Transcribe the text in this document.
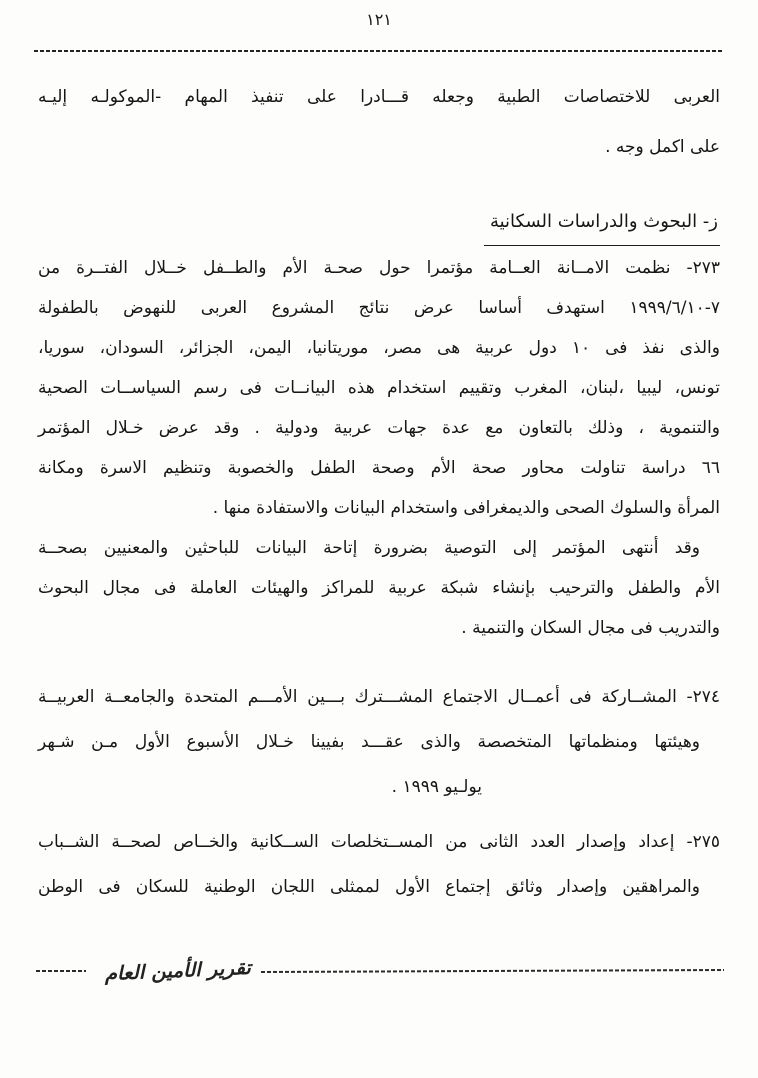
١٢١
العربى للاختصاصات الطبية وجعله قـــادرا على تنفيذ المهام -الموكولـه إليـه
على اكمل وجه .
ز- البحوث والدراسات السكانية
٢٧٣- نظمت الامــانة العــامة مؤتمرا حول صحـة الأم والطــفل خــلال الفتــرة من
٧-١٩٩٩/٦/١٠ استهدف أساسا عرض نتائج المشروع العربى للنهوض بالطفولة
والذى نفذ فى ١٠ دول عربية هى مصر، موريتانيا، اليمن، الجزائر، السودان، سوريا،
تونس، ليبيا ،لبنان، المغرب وتقييم استخدام هذه البيانــات فى رسم السياســات الصحية
والتنموية ، وذلك بالتعاون مع عدة جهات عربية ودولية . وقد عرض خـلال المؤتمر
٦٦ دراسة تناولت محاور صحة الأم وصحة الطفل والخصوبة وتنظيم الاسرة ومكانة
المرأة والسلوك الصحى والديمغرافى واستخدام البيانات والاستفادة منها .
وقد أنتهى المؤتمر إلى التوصية بضرورة إتاحة البيانات للباحثين والمعنيين بصحــة
الأم والطفل والترحيب بإنشاء شبكة عربية للمراكز والهيئات العاملة فى مجال البحوث
والتدريب فى مجال السكان والتنمية .
٢٧٤- المشــاركة فى أعمــال الاجتماع المشـــترك بـــين الأمـــم المتحدة والجامعــة العربيــة
وهيئتها ومنظماتها المتخصصة والذى عقـــد بفيينا خـلال الأسبوع الأول مـن شـهر
يولـيو ١٩٩٩ .
٢٧٥- إعداد وإصدار العدد الثانى من المســتخلصات الســكانية والخــاص لصحــة الشــباب
والمراهقين وإصدار وثائق إجتماع الأول لممثلى اللجان الوطنية للسكان فى الوطن
تقرير الأمين العام
